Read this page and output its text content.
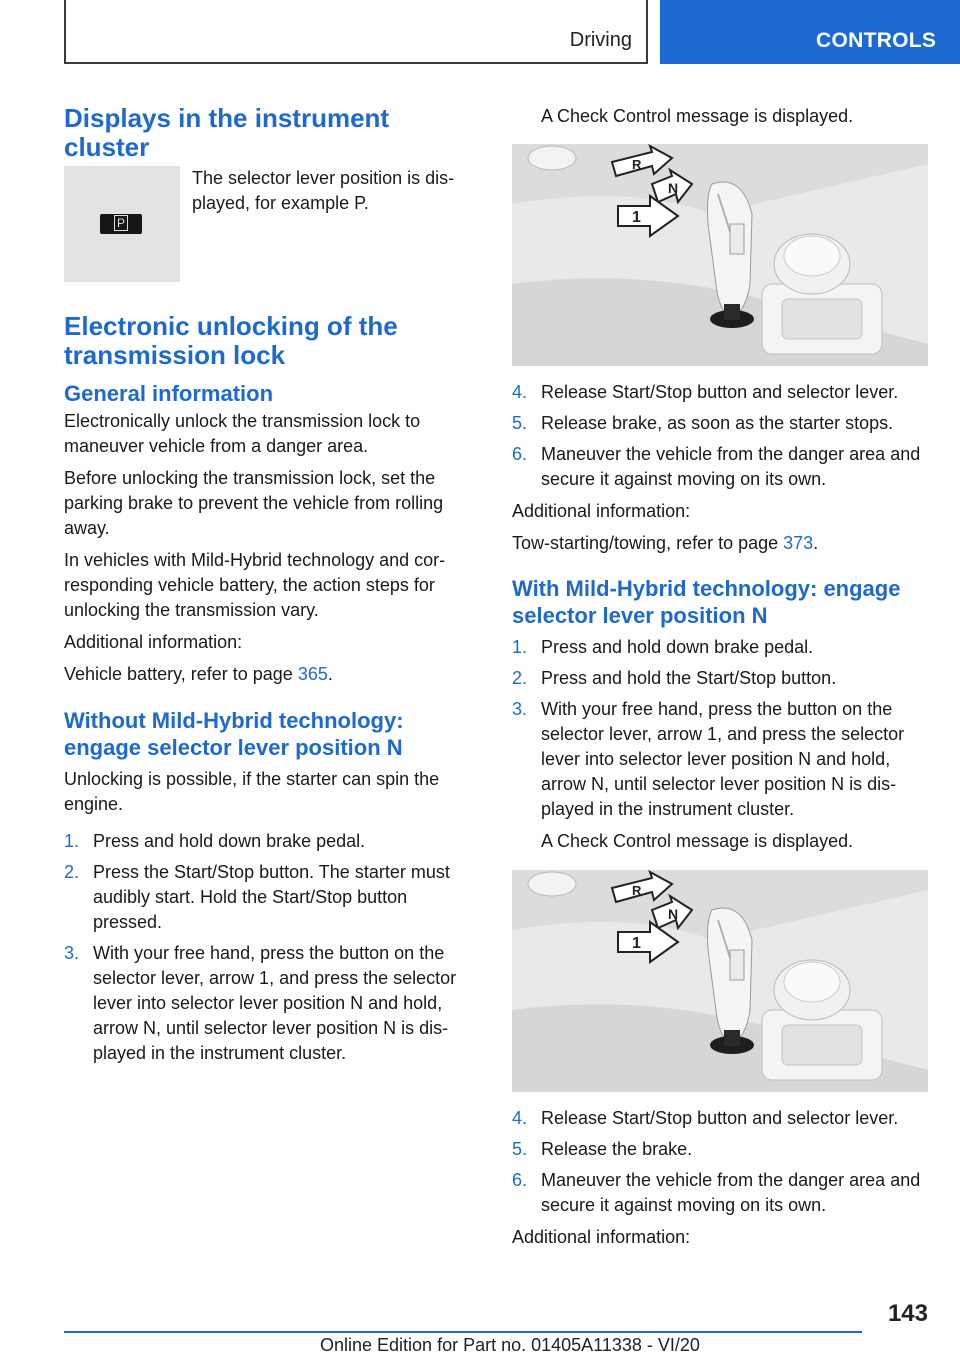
Driving	CONTROLS
Displays in the instrument cluster
P

The selector lever position is dis-played, for example P.

Electronic unlocking of the transmission lock
General information

Electronically unlock the transmission lock to maneuver vehicle from a danger area.

Before unlocking the transmission lock, set the parking brake to prevent the vehicle from rolling away.

In vehicles with Mild-Hybrid technology and cor-responding vehicle battery, the action steps for unlocking the transmission vary.

Additional information:

Vehicle battery, refer to page 365.

Without Mild-Hybrid technology: engage selector lever position N

Unlocking is possible, if the starter can spin the engine.

1. Press and hold down brake pedal.
2. Press the Start/Stop button. The starter must audibly start. Hold the Start/Stop button pressed.
3. With your free hand, press the button on the selector lever, arrow 1, and press the selector lever into selector lever position N and hold, arrow N, until selector lever position N is dis-played in the instrument cluster.

A Check Control message is displayed.

R
N
1
4. Release Start/Stop button and selector lever.
5. Release brake, as soon as the starter stops.
6. Maneuver the vehicle from the danger area and secure it against moving on its own.

Additional information:

Tow-starting/towing, refer to page 373.

With Mild-Hybrid technology: engage selector lever position N
1. Press and hold down brake pedal.
2. Press and hold the Start/Stop button.
3. With your free hand, press the button on the selector lever, arrow 1, and press the selector lever into selector lever position N and hold, arrow N, until selector lever position N is dis-played in the instrument cluster.
A Check Control message is displayed.
R
N
1
4. Release Start/Stop button and selector lever.
5. Release the brake.
6. Maneuver the vehicle from the danger area and secure it against moving on its own.

Additional information:

143
Online Edition for Part no. 01405A11338 - VI/20
